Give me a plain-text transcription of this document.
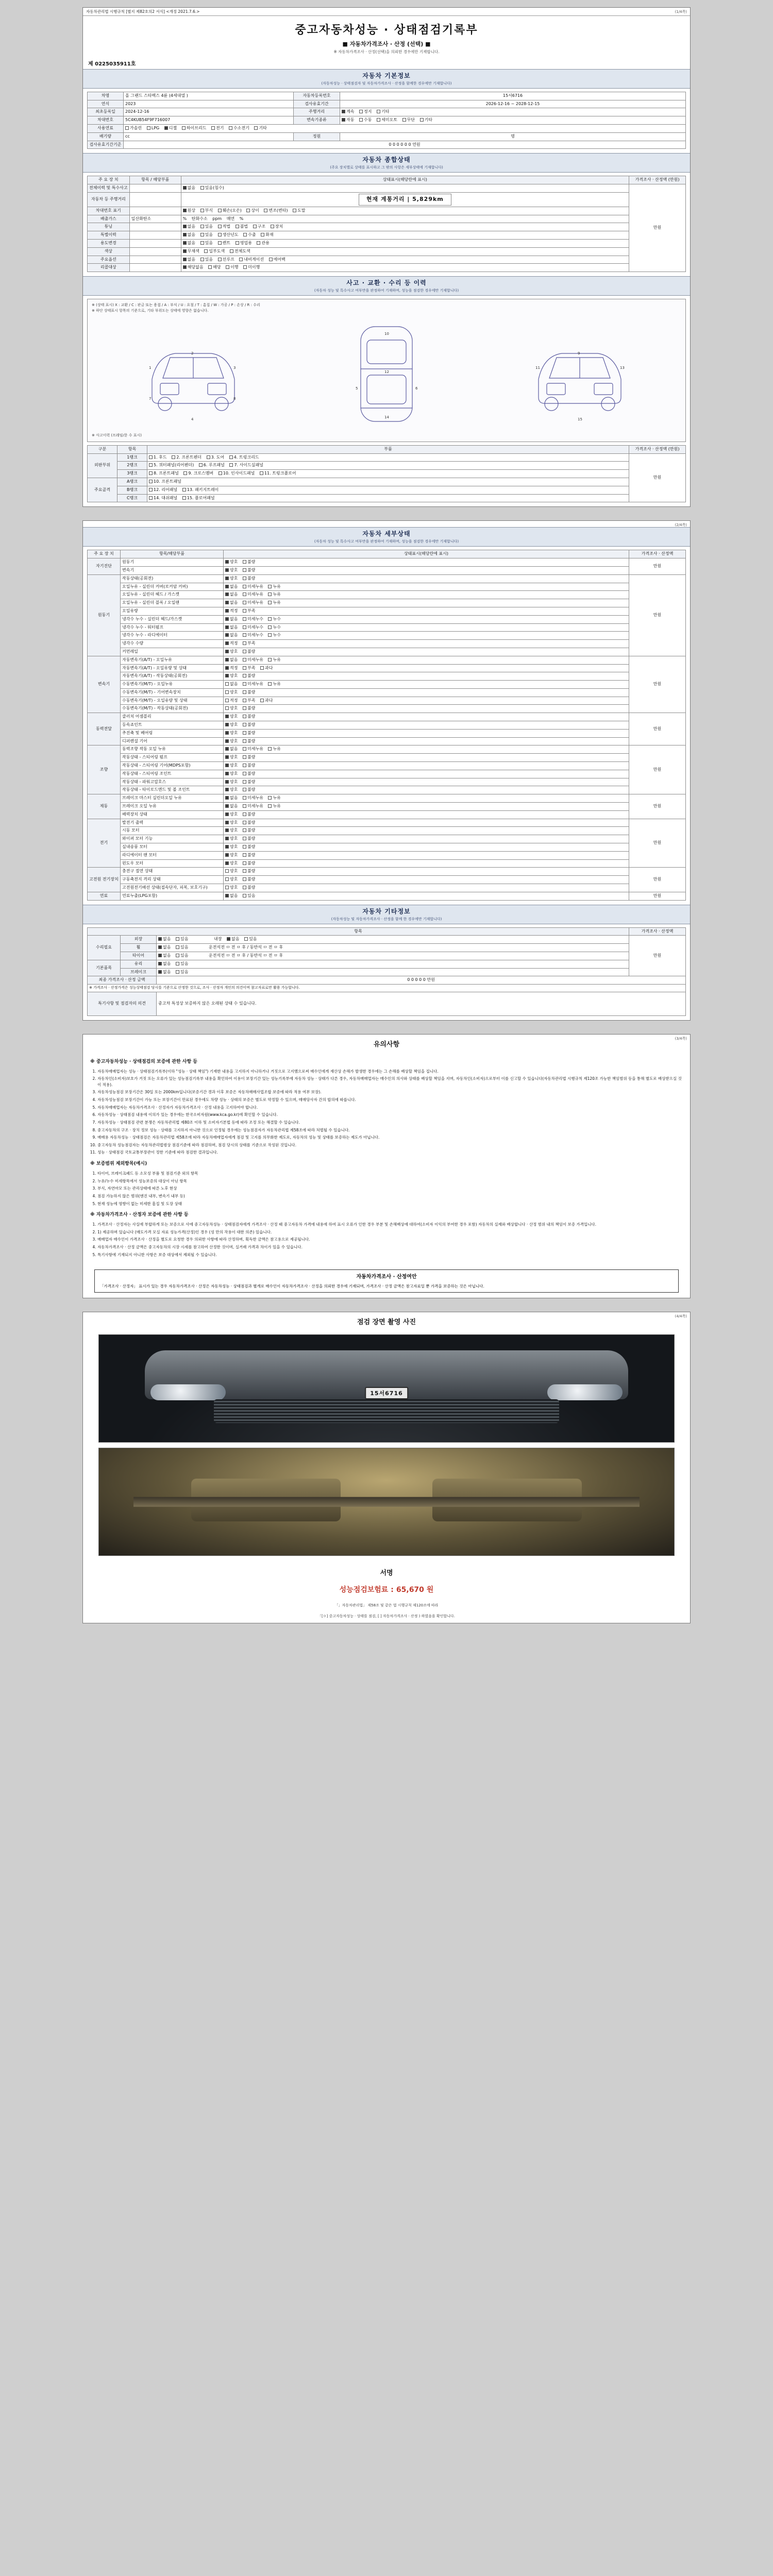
(1/4쪽)
자동차관리법 시행규칙 [별지 제82호의2 서식] <개정 2021.7.6.>
중고자동차성능 · 상태점검기록부
■ 자동차가격조사 · 산정 (선택) ■
※ 자동차가격조사 · 산정(선택)을 의뢰한 경우에만 기재합니다.
제 0225035911호
자동차 기본정보
(자동차성능 · 상태점검자 및 자동차가격조사 · 산정을 함께한 경우에만 기재합니다)
차명	올 그랜드 스타렉스 4륜 (4세대열 )	자동차등록번호	15서6716
연식	2023	검사유효기간	2026-12-16 ~ 2028-12-15
최초등록일	2024-12-16	주행거리	계속 정지 기타
차대번호	5C4KUB54F9F716007	변속기종류	자동 수동 세미오토 무단 기타
사용연료	가솔린 LPG 디젤 하이브리드 전기 수소전기 기타		
배기량	cc	정원	명
검사유효기간기준	0 0 0 0 0 0 연원		
자동차 종합상태
(주요 장치별로 상태를 표시하고 그 밖의 사항은 세부상태에 기재합니다)
주 요 장 치	항목 / 해당부품	상태표시(해당란에 표시)	가격조사 · 산정액 (만원)
전체이력 및 특수사고		없음 있음(침수)	만원
자동차 등 주행거리		현재 계통거리 | 5,829km	
차대번호 표기		원상 부식 훼손(오손) 상이 변조(변타) 도말	
배출가스	일산화탄소	% 탄화수소 ppm 매연 %	
튜닝		없음 있음 적법 불법 구조 장치	
특별이력		없음 있음 생산년도 수출 화재	
용도변경		없음 있음 렌트 영업용 관용	
색상		무채색 일부도색 전체도색	
주요옵션		없음 있음 선루프 내비게이션 에어백	
리콜대상		해당없음 해당 이행 미이행	
사고 · 교환 · 수리 등 이력
(자동차 성능 및 특수사고 여부만을 판정하여 기재하며, 성능을 점검한 경우에만 기재합니다)
※ (상태 표시) X : 교환 / C : 판금 또는 용접 / A : 부식 / U : 요철 / T : 흠집 / W : 가공 / P : 손상 / R : 수리
※ 하단 상태표시 항목의 기준으로, 기타 부위도는 상태에 영향은 없습니다.
1
2
3
7	8
4
10
12
14
5	6
11
9
13
15
※ 사고이력 (프레임/문 수 표시)
구분	항목	부품	가격조사 · 산정액 (만원)
외판부위	1랭크	1. 후드 2. 프론트펜더 3. 도어 4. 트렁크리드	만원
	2랭크	5. 쿼터패널(리어펜더) 6. 루프패널 7. 사이드실패널	
	3랭크	8. 프론트패널 9. 크로스멤버 10. 인사이드패널 11. 트렁크플로어	
주요골격	A랭크	10. 프론트패널	
	B랭크	12. 리어패널 13. 패키지트레이	
	C랭크	14. 대쉬패널 15. 플로어패널	
(2/4쪽)
자동차 세부상태
(자동차 성능 및 특수사고 여부만을 판정하여 기재하며, 성능을 점검한 경우에만 기재합니다)
주 요 장 치	항목/해당부품	상태표시(해당란에 표시)	가격조사 · 산정액
자기진단	원동기	양호 불량	만원
	변속기	양호 불량	
원동기	작동상태(공회전)	양호 불량	만원
	오일누유 - 실린더 커버(로커암 커버)	없음 미세누유 누유	
	오일누유 - 실린더 헤드 / 가스켓	없음 미세누유 누유	
	오일누유 - 실린더 블록 / 오일팬	없음 미세누유 누유	
	오일유량	적정 부족	
	냉각수 누수 - 실린더 헤드/가스켓	없음 미세누수 누수	
	냉각수 누수 - 워터펌프	없음 미세누수 누수	
	냉각수 누수 - 라디에이터	없음 미세누수 누수	
	냉각수 수량	적정 부족	
	커먼레일	양호 불량	
변속기	자동변속기(A/T) - 오일누유	없음 미세누유 누유	만원
	자동변속기(A/T) - 오일유량 및 상태	적정 부족 과다	
	자동변속기(A/T) - 작동상태(공회전)	양호 불량	
	수동변속기(M/T) - 오일누유	없음 미세누유 누유	
	수동변속기(M/T) - 기어변속장치	양호 불량	
	수동변속기(M/T) - 오일유량 및 상태	적정 부족 과다	
	수동변속기(M/T) - 작동상태(공회전)	양호 불량	
동력전달	클러치 어셈블리	양호 불량	만원
	등속죠인트	양호 불량	
	추진축 및 베어링	양호 불량	
	디퍼렌셜 기어	양호 불량	
조향	동력조향 작동 오일 누유	없음 미세누유 누유	만원
	작동상태 - 스티어링 펌프	양호 불량	
	작동상태 - 스티어링 기어(MDPS포함)	양호 불량	
	작동상태 - 스티어링 조인트	양호 불량	
	작동상태 - 파워고압호스	양호 불량	
	작동상태 - 타이로드엔드 및 볼 조인트	양호 불량	
제동	브레이크 마스터 실린더오일 누유	없음 미세누유 누유	만원
	브레이크 오일 누유	없음 미세누유 누유	
	배력장치 상태	양호 불량	
전기	발전기 출력	양호 불량	만원
	시동 모터	양호 불량	
	와이퍼 모터 기능	양호 불량	
	실내송풍 모터	양호 불량	
	라디에이터 팬 모터	양호 불량	
	윈도우 모터	양호 불량	
고전원 전기장치	충전구 절연 상태	양호 불량	만원
	구동축전지 격리 상태	양호 불량	
	고전원전기배선 상태(접속단자, 피복, 보호기구)	양호 불량	
연료	연료누출(LPG포함)	없음 있음	만원
자동차 기타정보
(자동차성능 및 자동차가격조사 · 산정을 함께 한 경우에만 기재합니다)
항목			가격조사 · 산정액
수리필요	외장	없음 있음 내장 없음 있음	만원
	휠	없음 있음 운전석전 ㅁ 전 ㅁ 후 / 동반석 ㅁ 전 ㅁ 후	
	타이어	없음 있음 운전석전 ㅁ 전 ㅁ 후 / 동반석 ㅁ 전 ㅁ 후	
기본품목	유리	없음 있음	
	브레이크	없음 있음	
최종 가격조사 · 산정 금액		0 0 0 0 0 만원	
※ 가격조사 · 산정가격은 성능상태점검 당시를 기준으로 산정한 것으로, 조사 · 산정자 개인의 의견이며 참고자료로만 활용 가능합니다.			
특기사항 및 점검자의 의견		중고차 특성상 보증하지 않은 오래된 상태 수 있습니다.	
(3/4쪽)
유의사항
※ 중고자동차성능 · 상태점검의 보증에 관한 사항 등
1. 자동차매매업자는 성능 · 상태점검기록부(이하 "성능 · 상태 책임") 기재한 내용을 고지하지 아니하거나 거짓으로 고지했으로써 매수인에게 재산상 손해가 발생한 경우에는 그 손해를 배상할 책임을 집니다.
2. 자동차인(소비자)보호가 거짓 또는 오류가 있는 성능점검기록부 내용을 확인하여 이용이 보장기간 있는 성능기록부에 자동차 성능 · 상태가 다른 경우, 자동차매매업자는 매수인의 의사와 상태를 배상할 책임을 지며, 자동차인(소비자)으로부터 이를 신고할 수 있습니다(자동차관리법 시행규칙 제120조 가능한 책임범위 등을 통해 별도로 배상받으실 것이 적용).
3. 자동차성능점검 보장기간은 30일 또는 2000km입니다(보증기간 경과 이후 보증은 자동차매매사업조합 보증에 따라 적용 여부 보장).
4. 자동차성능점검 보장기간이 가능 또는 보장기간이 만료된 경우에도 차량 성능 · 상태의 보증은 별도로 약정할 수 있으며, 매매당사자 간의 합의에 따릅니다.
5. 자동차매매업자는 자동차가격조사 · 산정자가 자동차가격조사 · 산정 내용을 고지하여야 합니다.
6. 자동차성능 · 상태점검 내용에 이의가 있는 경우에는 한국소비자원(www.kca.go.kr)에 확인할 수 있습니다.
7. 자동차성능 · 상태점검 관련 분쟁은 자동차관리법 제80조 이하 및 소비자기본법 등에 따라 조정 또는 해결할 수 있습니다.
8. 중고자동차의 구조 · 장치 정보 성능 · 상태를 고지하지 아니한 것으로 인정될 경우에는 성능점검자가 자동차관리법 제58조에 따라 처벌될 수 있습니다.
9. 매매용 자동차성능 · 상태점검은 자동차관리법 제58조에 따라 자동차매매업자에게 점검 및 고지를 의무화한 제도로, 자동차의 성능 및 상태를 보증하는 제도가 아닙니다.
10. 중고자동차 성능점검자는 자동차관리법령상 점검기준에 따라 점검하며, 점검 당시의 상태를 기준으로 작성된 것입니다.
11. 성능 · 상태점검 국토교통부장관이 정한 기준에 따라 점검한 결과입니다.
※ 보증범위 제외항목(예시)
1. 타이어, 브레이크패드 등 소모성 부품 및 점검기준 외의 항목
2. 누유/누수 미세항목에서 성능보증의 대상이 아닌 항목
3. 부식, 자연마모 또는 관리상태에 따른 노후 현상
4. 점검 가능하지 않은 범위(엔진 내부, 변속기 내부 등)
5. 현재 성능에 영향이 없는 미세한 흠집 및 도장 상태
※ 자동차가격조사 · 산정자 보증에 관한 사항 등
1. 가격조사 · 산정자는 사실에 부합하게 또는 보증으로 사에 중고자동차성능 · 상태점검자에게 가격조사 · 산정 때 중고자동차 가격에 내용에 하여 표시 오류가 인한 경우 부분 및 손해배상에 대하여(소비자 이익의 부여한 경우 포함) 자동차의 실제와 배상합니다 · 산정 범위 내의 책임이 보증 가격입니다.
2. 1) 제공하며 있습니다 (매도가격 모실 자료 성능가격(산정)인 경우 (성 만의 작용이 대한 의존) 있습니다.
3. 매매업자 매수인이 가격조사 · 산정을 별도로 요청한 경우 의뢰한 사항에 따라 산정하며, 획득한 금액은 참고용으로 제공됩니다.
4. 자동차가격조사 · 산정 금액은 중고자동차의 시장 시세를 참고하여 산정한 것이며, 실거래 가격과 차이가 있을 수 있습니다.
5. 특기사항에 기재되지 아니한 사항은 보증 대상에서 제외될 수 있습니다.
자동차가격조사 · 산정여안
「가격조사 · 산정자」 표시가 있는 경우 자동차가격조사 · 산정은 자동차성능 · 상태점검과 별개로 매수인이 자동차가격조사 · 산정을 의뢰한 경우에 기재되며, 가격조사 · 산정 금액은 참고자료일 뿐 가격을 보증하는 것은 아닙니다.
(4/4쪽)
점검 장면 촬영 사진
15서6716
서명
성능점검보험료 : 65,670 원
「」자동차관리법」 제58조 및 같은 법 시행규칙 제120조에 따라
「[ㅇ] 중고자동차성능 · 상태를 점검, [ ] 자동차가격조사 · 산정 ) 하였음을 확인합니다.
